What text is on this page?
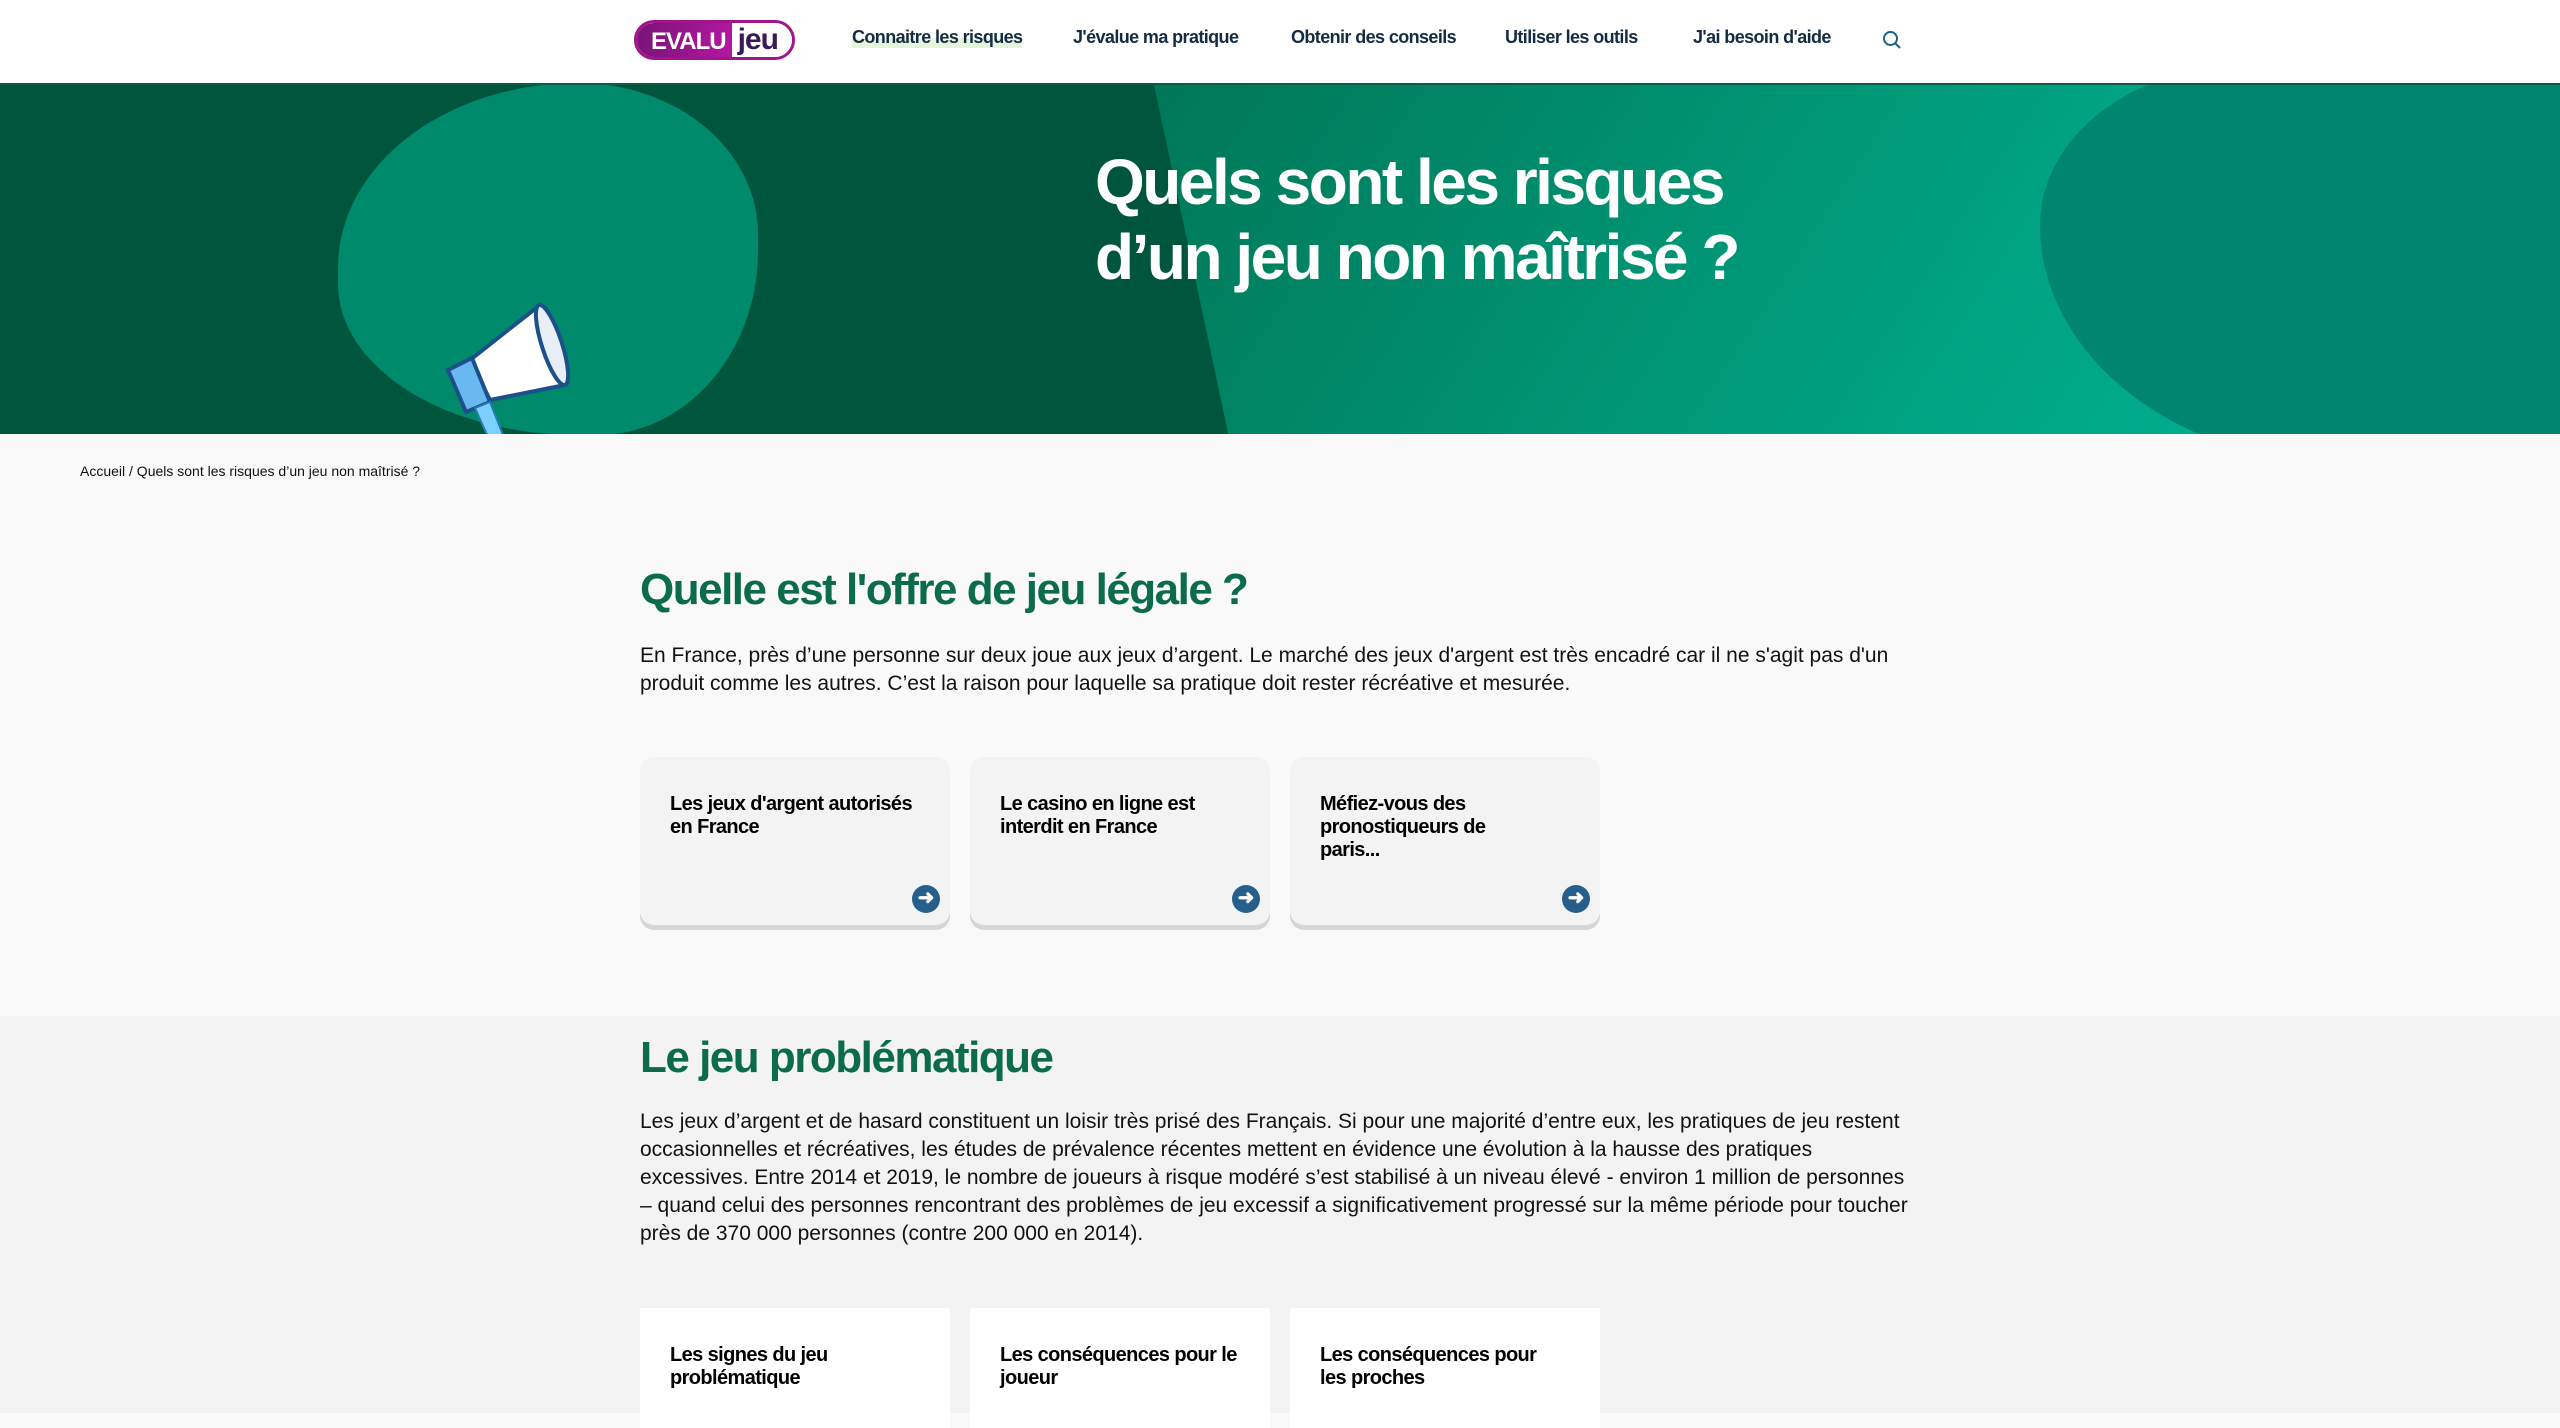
EVALU jeu	Connaitre les risques	J'évalue ma pratique	Obtenir des conseils	Utiliser les outils	J'ai besoin d'aide
Quels sont les risques d’un jeu non maîtrisé ?
Accueil / Quels sont les risques d’un jeu non maîtrisé ?
Quelle est l'offre de jeu légale ?

En France, près d’une personne sur deux joue aux jeux d’argent. Le marché des jeux d'argent est très encadré car il ne s'agit pas d'un produit comme les autres. C’est la raison pour laquelle sa pratique doit rester récréative et mesurée.

Les jeux d'argent autorisés en France
➜
Le casino en ligne est interdit en France
➜
Méfiez-vous des pronostiqueurs de paris...
➜
Le jeu problématique

Les jeux d’argent et de hasard constituent un loisir très prisé des Français. Si pour une majorité d’entre eux, les pratiques de jeu restent occasionnelles et récréatives, les études de prévalence récentes mettent en évidence une évolution à la hausse des pratiques excessives. Entre 2014 et 2019, le nombre de joueurs à risque modéré s’est stabilisé à un niveau élevé - environ 1 million de personnes – quand celui des personnes rencontrant des problèmes de jeu excessif a significativement progressé sur la même période pour toucher près de 370 000 personnes (contre 200 000 en 2014).

Les signes du jeu problématique
Les conséquences pour le joueur
Les conséquences pour les proches
